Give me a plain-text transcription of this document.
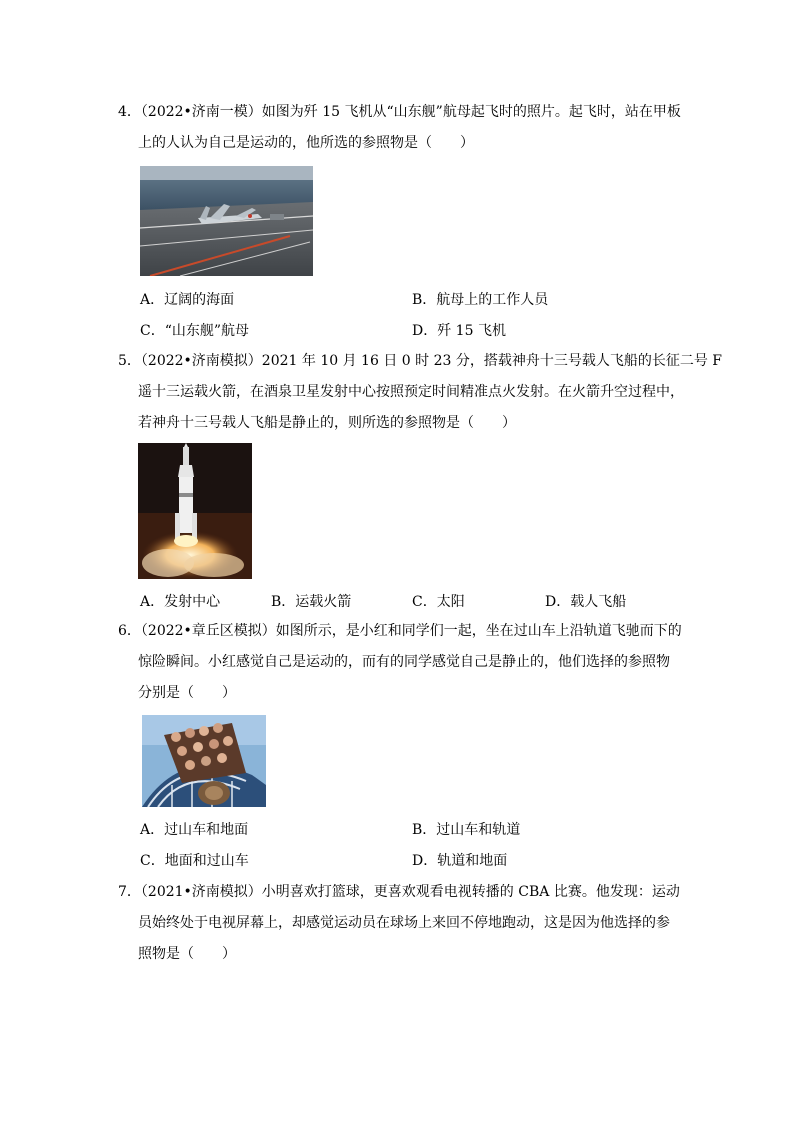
4．（2022•济南一模）如图为歼 15 飞机从“山东舰”航母起飞时的照片。起飞时，站在甲板
上的人认为自己是运动的，他所选的参照物是（　　）
A．辽阔的海面	B．航母上的工作人员
C．“山东舰”航母	D．歼 15 飞机
5．（2022•济南模拟）2021 年 10 月 16 日 0 时 23 分，搭载神舟十三号载人飞船的长征二号 F
遥十三运载火箭，在酒泉卫星发射中心按照预定时间精准点火发射。在火箭升空过程中，
若神舟十三号载人飞船是静止的，则所选的参照物是（　　）
A．发射中心	B．运载火箭	C．太阳	D．载人飞船
6．（2022•章丘区模拟）如图所示，是小红和同学们一起，坐在过山车上沿轨道飞驰而下的
惊险瞬间。小红感觉自己是运动的，而有的同学感觉自己是静止的，他们选择的参照物
分别是（　　）
A．过山车和地面	B．过山车和轨道
C．地面和过山车	D．轨道和地面
7．（2021•济南模拟）小明喜欢打篮球，更喜欢观看电视转播的 CBA 比赛。他发现：运动
员始终处于电视屏幕上，却感觉运动员在球场上来回不停地跑动，这是因为他选择的参
照物是（　　）
